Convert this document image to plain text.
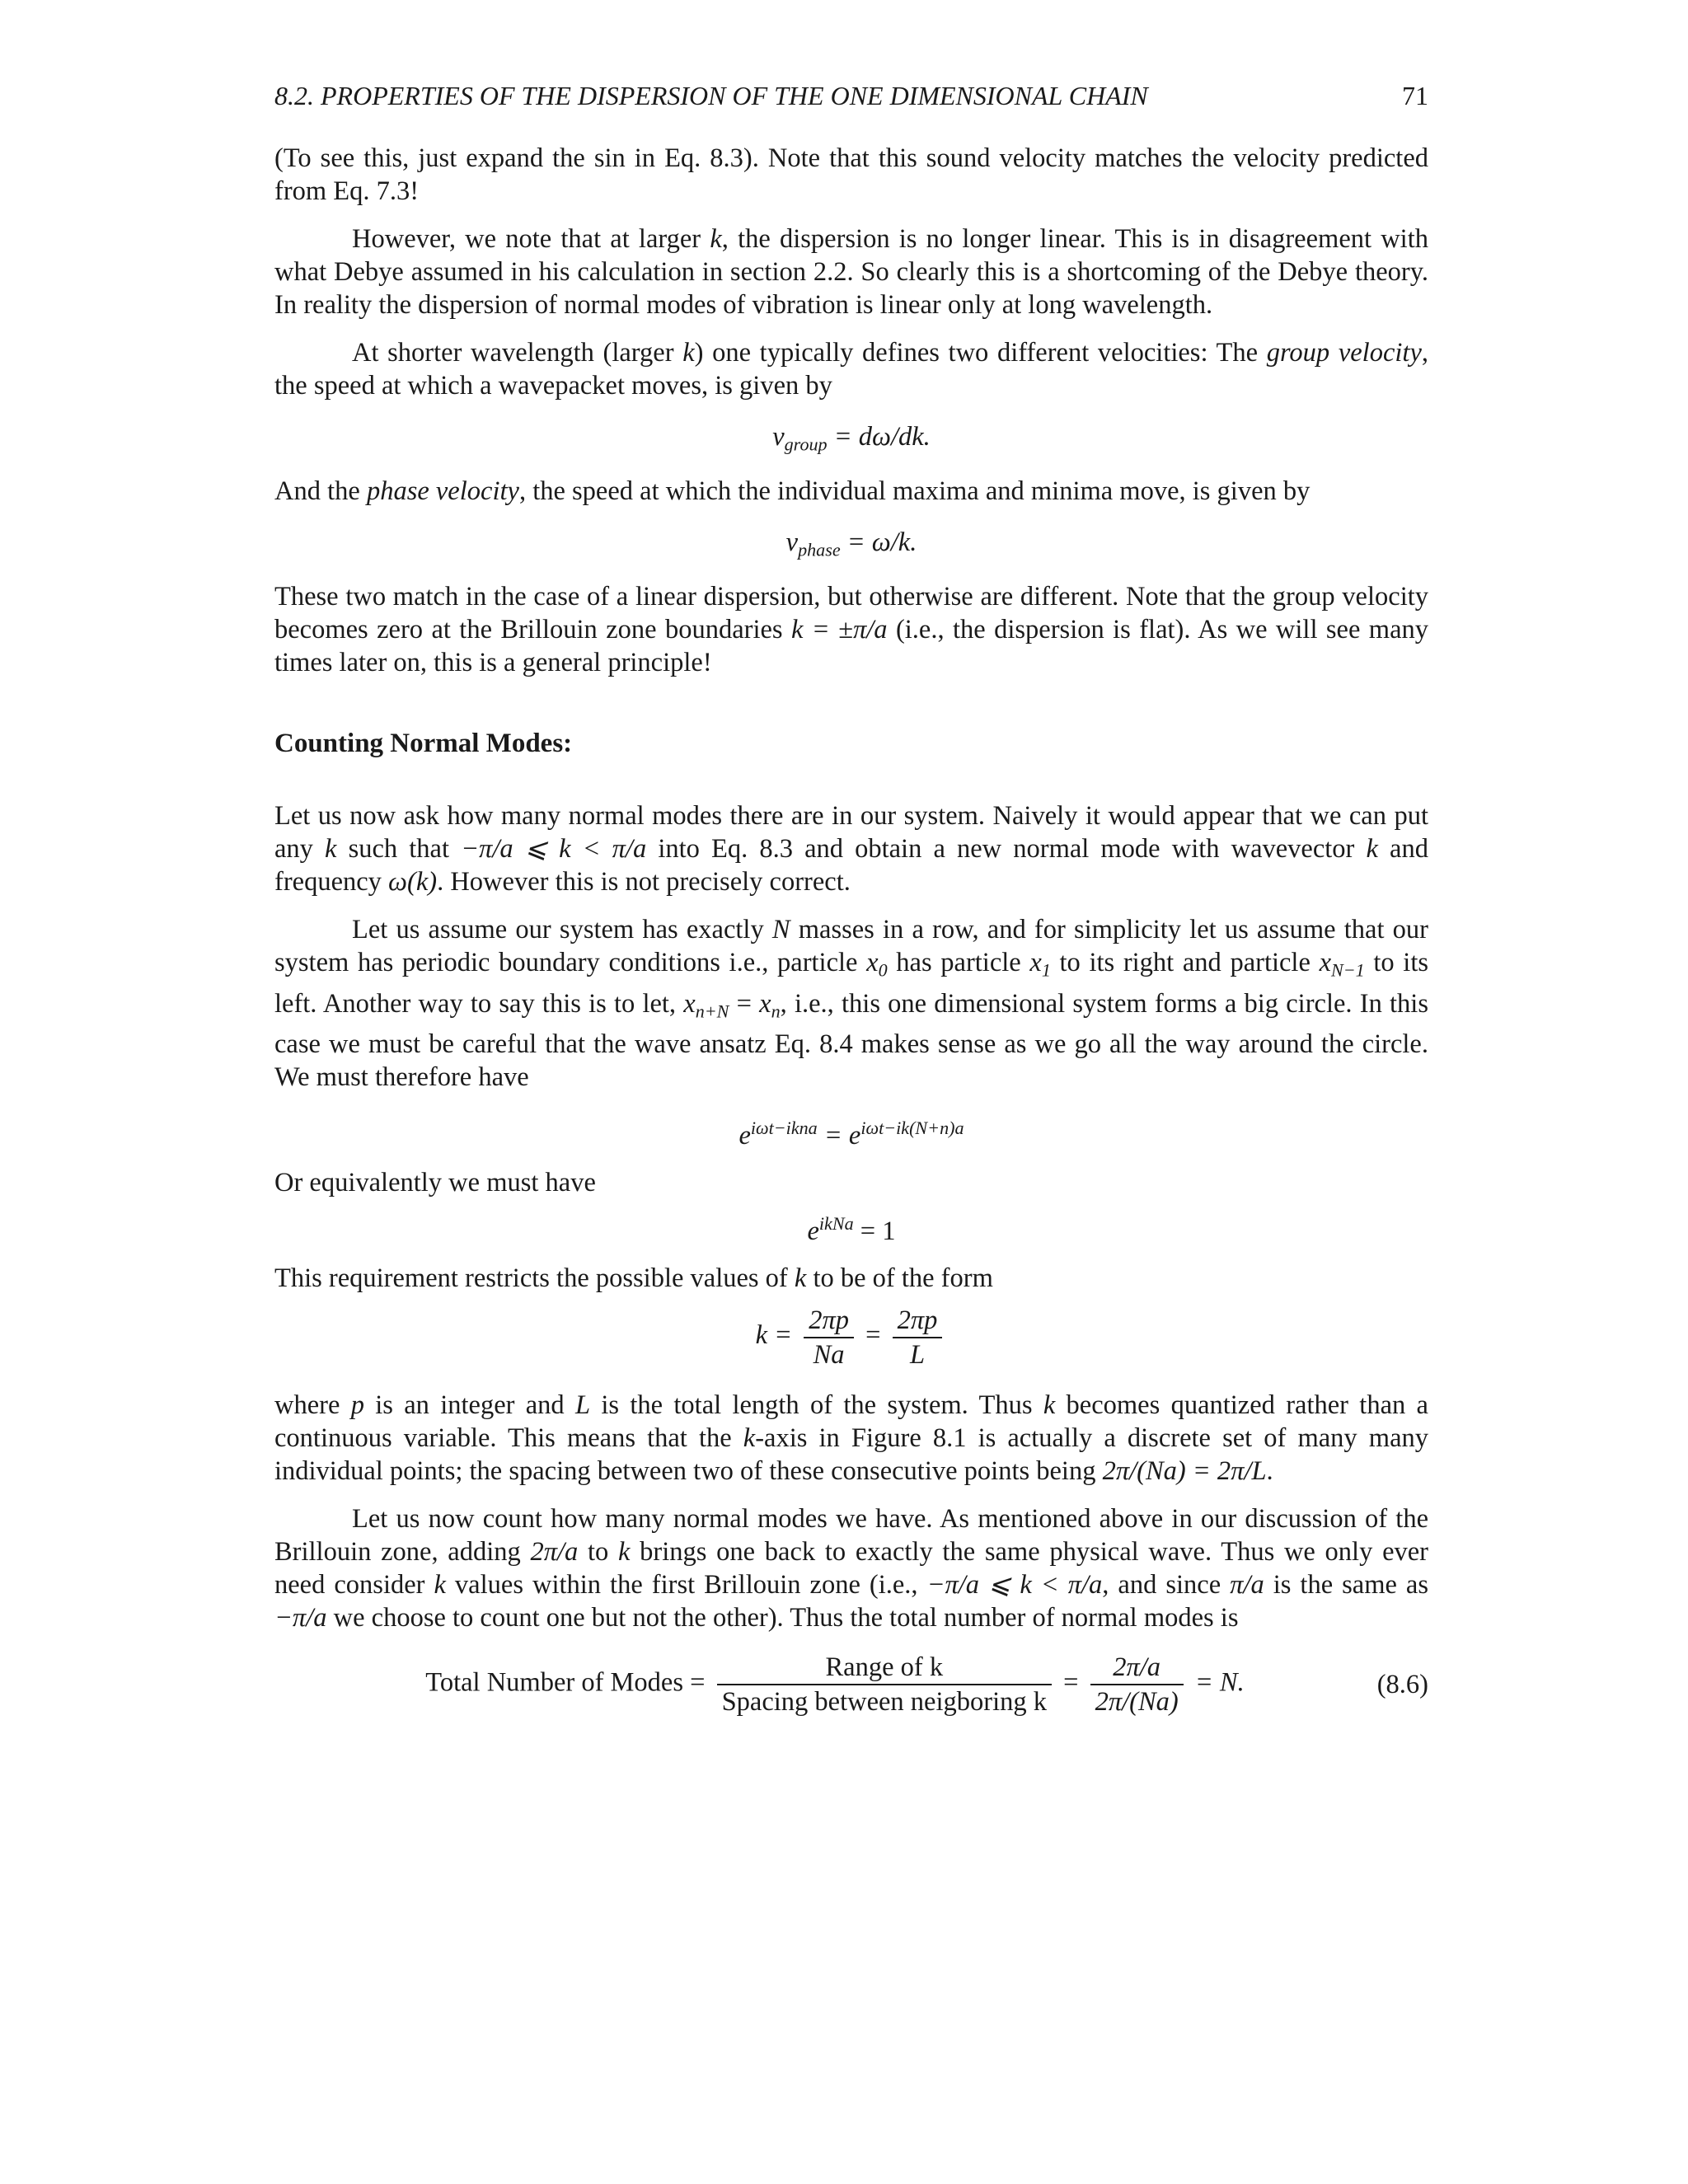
8.2. PROPERTIES OF THE DISPERSION OF THE ONE DIMENSIONAL CHAIN	71

(To see this, just expand the sin in Eq. 8.3). Note that this sound velocity matches the velocity predicted from Eq. 7.3!

However, we note that at larger k, the dispersion is no longer linear. This is in disagreement with what Debye assumed in his calculation in section 2.2. So clearly this is a shortcoming of the Debye theory. In reality the dispersion of normal modes of vibration is linear only at long wavelength.

At shorter wavelength (larger k) one typically defines two different velocities: The group velocity, the speed at which a wavepacket moves, is given by

$v_{group} = d\omega/dk$.

And the phase velocity, the speed at which the individual maxima and minima move, is given by

$v_{phase} = \omega/k$.

These two match in the case of a linear dispersion, but otherwise are different. Note that the group velocity becomes zero at the Brillouin zone boundaries k = ±π/a (i.e., the dispersion is flat). As we will see many times later on, this is a general principle!

Counting Normal Modes:

Let us now ask how many normal modes there are in our system. Naively it would appear that we can put any k such that −π/a ⩽ k < π/a into Eq. 8.3 and obtain a new normal mode with wavevector k and frequency ω(k). However this is not precisely correct.

Let us assume our system has exactly N masses in a row, and for simplicity let us assume that our system has periodic boundary conditions i.e., particle $x_0$ has particle $x_1$ to its right and particle $x_{N-1}$ to its left. Another way to say this is to let, $x_{n+N} = x_n$, i.e., this one dimensional system forms a big circle. In this case we must be careful that the wave ansatz Eq. 8.4 makes sense as we go all the way around the circle. We must therefore have

$e^{i\omega t-ikna} = e^{i\omega t-ik(N+n)a}$

Or equivalently we must have

$e^{ikNa} = 1$

This requirement restricts the possible values of k to be of the form

$k = \frac{2\pi p}{Na} = \frac{2\pi p}{L}$

where p is an integer and L is the total length of the system. Thus k becomes quantized rather than a continuous variable. This means that the k-axis in Figure 8.1 is actually a discrete set of many many individual points; the spacing between two of these consecutive points being 2π/(Na) = 2π/L.

Let us now count how many normal modes we have. As mentioned above in our discussion of the Brillouin zone, adding 2π/a to k brings one back to exactly the same physical wave. Thus we only ever need consider k values within the first Brillouin zone (i.e., −π/a ⩽ k < π/a, and since π/a is the same as −π/a we choose to count one but not the other). Thus the total number of normal modes is

Total Number of Modes = $\frac{\text{Range of k}}{\text{Spacing between neigboring k}} = \frac{2\pi/a}{2\pi/(Na)} = N$.	(8.6)
